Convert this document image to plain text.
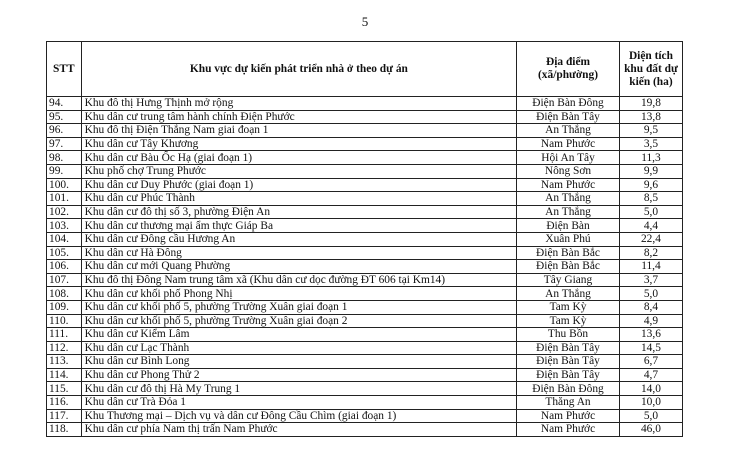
5
STT	Khu vực dự kiến phát triển nhà ở theo dự án	Địa điểm (xã/phường)	Diện tích khu đất dự kiến (ha)
94.	Khu đô thị Hưng Thịnh mở rộng	Điện Bàn Đông	19,8
95.	Khu dân cư trung tâm hành chính Điện Phước	Điện Bàn Tây	13,8
96.	Khu đô thị Điện Thắng Nam giai đoạn 1	An Thắng	9,5
97.	Khu dân cư Tây Khương	Nam Phước	3,5
98.	Khu dân cư Bàu Ốc Hạ (giai đoạn 1)	Hội An Tây	11,3
99.	Khu phố chợ Trung Phước	Nông Sơn	9,9
100.	Khu dân cư Duy Phước (giai đoạn 1)	Nam Phước	9,6
101.	Khu dân cư Phúc Thành	An Thắng	8,5
102.	Khu dân cư đô thị số 3, phường Điện An	An Thắng	5,0
103.	Khu dân cư thương mại ẩm thực Giáp Ba	Điện Bàn	4,4
104.	Khu dân cư Đông cầu Hương An	Xuân Phú	22,4
105.	Khu dân cư Hà Đông	Điện Bàn Bắc	8,2
106.	Khu dân cư mới Quang Phường	Điện Bàn Bắc	11,4
107.	Khu đô thị Đông Nam trung tâm xã (Khu dân cư dọc đường ĐT 606 tại Km14)	Tây Giang	3,7
108.	Khu dân cư khối phố Phong Nhị	An Thắng	5,0
109.	Khu dân cư khối phố 5, phường Trường Xuân giai đoạn 1	Tam Kỳ	8,4
110.	Khu dân cư khối phố 5, phường Trường Xuân giai đoạn 2	Tam Kỳ	4,9
111.	Khu dân cư Kiểm Lâm	Thu Bồn	13,6
112.	Khu dân cư Lạc Thành	Điện Bàn Tây	14,5
113.	Khu dân cư Bình Long	Điện Bàn Tây	6,7
114.	Khu dân cư Phong Thử 2	Điện Bàn Tây	4,7
115.	Khu dân cư đô thị Hà My Trung 1	Điện Bàn Đông	14,0
116.	Khu dân cư Trà Đỏa 1	Thăng An	10,0
117.	Khu Thương mại – Dịch vụ và dân cư Đông Cầu Chìm (giai đoạn 1)	Nam Phước	5,0
118.	Khu dân cư phía Nam thị trấn Nam Phước	Nam Phước	46,0
